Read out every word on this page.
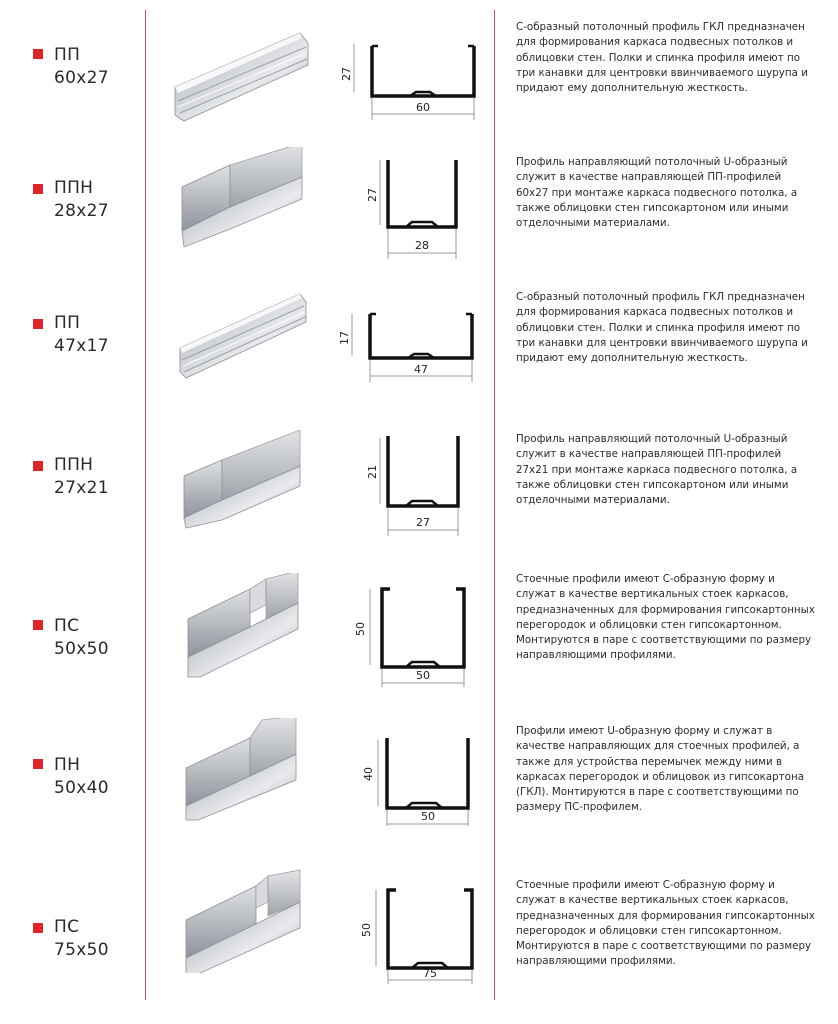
ПП
60x27	27
60
С-образный потолочный профиль ГКЛ предназначен для формирования каркаса подвесных потолков и облицовки стен. Полки и спинка профиля имеют по три канавки для центровки ввинчиваемого шурупа и придают ему дополнительную жесткость.
ППН
28x27
27
28
Профиль направляющий потолочный U-образный служит в качестве направляющей ПП-профилей 60х27 при монтаже каркаса подвесного потолка, а также облицовки стен гипсокартоном или иными отделочными материалами.
ПП
47x17	17
47
С-образный потолочный профиль ГКЛ предназначен для формирования каркаса подвесных потолков и облицовки стен. Полки и спинка профиля имеют по три канавки для центровки ввинчиваемого шурупа и придают ему дополнительную жесткость.
ППН
27x21
21
27
Профиль направляющий потолочный U-образный служит в качестве направляющей ПП-профилей 27х21 при монтаже каркаса подвесного потолка, а также облицовки стен гипсокартоном или иными отделочными материалами.
ПС
50x50
50
50
Стоечные профили имеют С-образную форму и служат в качестве вертикальных стоек каркасов, предназначенных для формирования гипсокартонных перегородок и облицовки стен гипсокартонном. Монтируются в паре с соответствующими по размеру направляющими профилями.
ПН
50x40
40
50
Профили имеют U-образную форму и служат в качестве направляющих для стоечных профилей, а также для устройства перемычек между ними в каркасах перегородок и облицовок из гипсокартона (ГКЛ). Монтируются в паре с соответствующими по размеру ПС-профилем.
ПС
75x50
50
75
Стоечные профили имеют С-образную форму и служат в качестве вертикальных стоек каркасов, предназначенных для формирования гипсокартонных перегородок и облицовки стен гипсокартонном. Монтируются в паре с соответствующими по размеру направляющими профилями.
